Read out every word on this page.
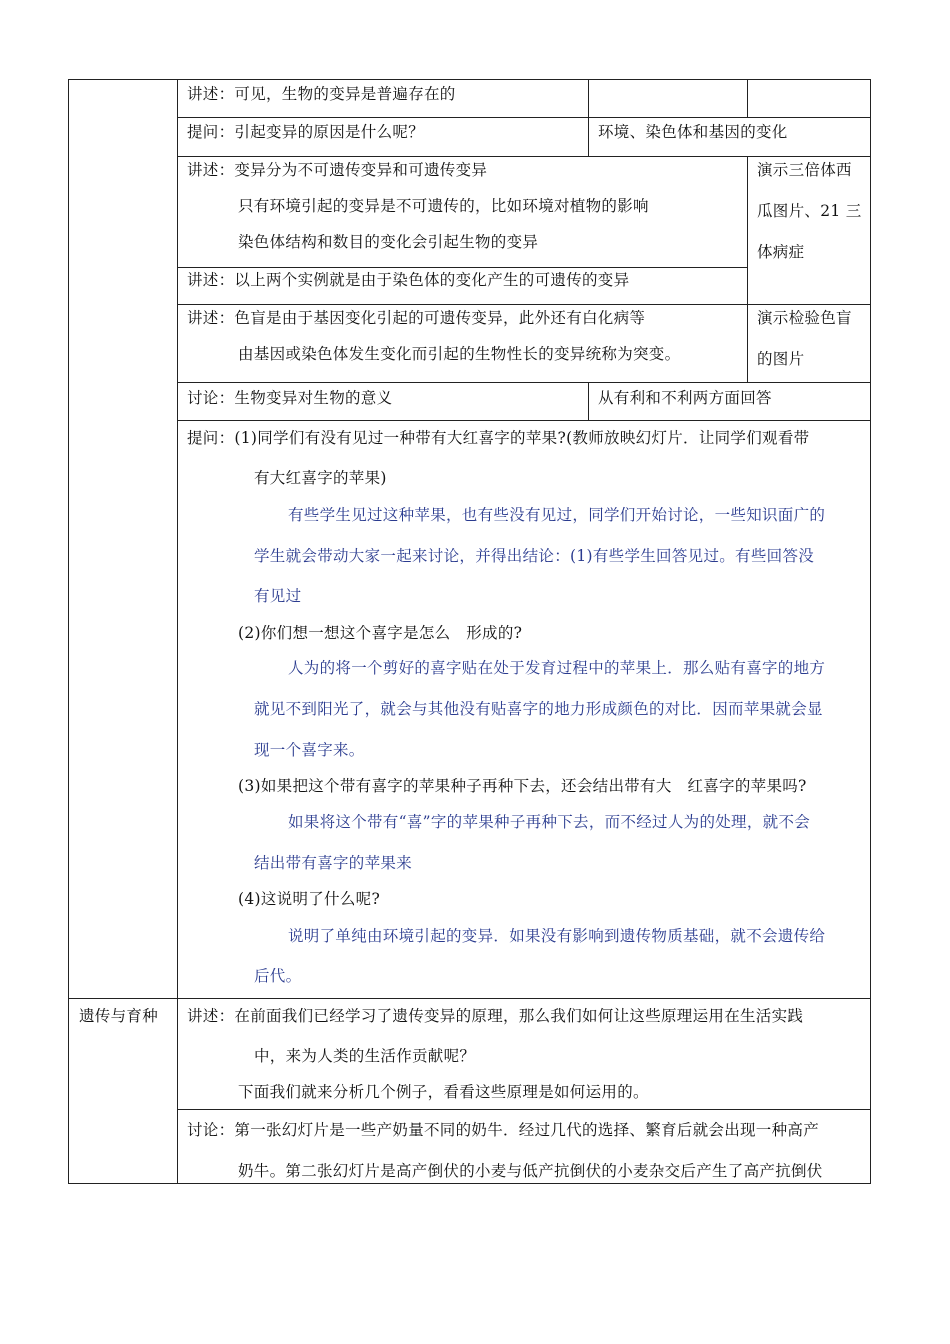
讲述：可见，生物的变异是普遍存在的
提问：引起变异的原因是什么呢？	环境、染色体和基因的变化
讲述：变异分为不可遗传变异和可遗传变异
只有环境引起的变异是不可遗传的，比如环境对植物的影响
染色体结构和数目的变化会引起生物的变异
演示三倍体西
瓜图片、21 三
体病症
讲述：以上两个实例就是由于染色体的变化产生的可遗传的变异
讲述：色盲是由于基因变化引起的可遗传变异，此外还有白化病等
由基因或染色体发生变化而引起的生物性长的变异统称为突变。
演示检验色盲
的图片
讨论：生物变异对生物的意义	从有利和不利两方面回答
提问：(1)同学们有没有见过一种带有大红喜字的苹果?(教师放映幻灯片．让同学们观看带
有大红喜字的苹果)
有些学生见过这种苹果，也有些没有见过，同学们开始讨论，一些知识面广的
学生就会带动大家一起来讨论，并得出结论：(1)有些学生回答见过。有些回答没
有见过
(2)你们想一想这个喜字是怎么　形成的?
人为的将一个剪好的喜字贴在处于发育过程中的苹果上．那么贴有喜字的地方
就见不到阳光了，就会与其他没有贴喜字的地力形成颜色的对比．因而苹果就会显
现一个喜字来。
(3)如果把这个带有喜字的苹果种子再种下去，还会结出带有大　红喜字的苹果吗?
如果将这个带有“喜”字的苹果种子再种下去，而不经过人为的处理，就不会
结出带有喜字的苹果来
(4)这说明了什么呢?
说明了单纯由环境引起的变异．如果没有影响到遗传物质基础，就不会遗传给
后代。
遗传与育种 讲述：在前面我们已经学习了遗传变异的原理，那么我们如何让这些原理运用在生活实践
中，来为人类的生活作贡献呢？
下面我们就来分析几个例子，看看这些原理是如何运用的。
讨论：第一张幻灯片是一些产奶量不同的奶牛．经过几代的选择、繁育后就会出现一种高产
奶牛。第二张幻灯片是高产倒伏的小麦与低产抗倒伏的小麦杂交后产生了高产抗倒伏
